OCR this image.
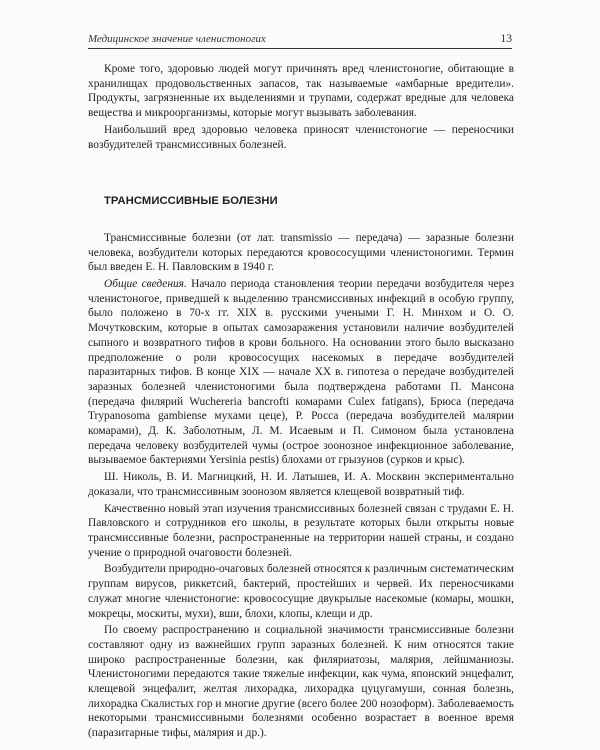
Медицинское значение членистоногих	13

Кроме того, здоровью людей могут причинять вред членистоногие, обитающие в хранилищах продовольственных запасов, так называемые «амбарные вредители». Продукты, загрязненные их выделениями и трупами, содержат вредные для человека вещества и микроорганизмы, которые могут вызывать заболевания.

Наибольший вред здоровью человека приносят членистоногие — переносчики возбудителей трансмиссивных болезней.

ТРАНСМИССИВНЫЕ БОЛЕЗНИ

Трансмиссивные болезни (от лат. transmissio — передача) — заразные болезни человека, возбудители которых передаются кровососущими членистоногими. Термин был введен Е. Н. Павловским в 1940 г.

Общие сведения. Начало периода становления теории передачи возбудителя через членистоногое, приведшей к выделению трансмиссивных инфекций в особую группу, было положено в 70-х гг. XIX в. русскими учеными Г. Н. Минхом и О. О. Мочутковским, которые в опытах самозаражения установили наличие возбудителей сыпного и возвратного тифов в крови больного. На основании этого было высказано предположение о роли кровососущих насекомых в передаче возбудителей паразитарных тифов. В конце XIX — начале XX в. гипотеза о передаче возбудителей заразных болезней членистоногими была подтверждена работами П. Мансона (передача филярий Wuchereria bancrofti комарами Culex fatigans), Брюса (передача Trypanosoma gambiense мухами цеце), Р. Росса (передача возбудителей малярии комарами), Д. К. Заболотным, Л. М. Исаевым и П. Симоном была установлена передача человеку возбудителей чумы (острое зоонозное инфекционное заболевание, вызываемое бактериями Yersinia pestis) блохами от грызунов (сурков и крыс).

Ш. Николь, В. И. Магницкий, Н. И. Латышев, И. А. Москвин экспериментально доказали, что трансмиссивным зоонозом является клещевой возвратный тиф.

Качественно новый этап изучения трансмиссивных болезней связан с трудами Е. Н. Павловского и сотрудников его школы, в результате которых были открыты новые трансмиссивные болезни, распространенные на территории нашей страны, и создано учение о природной очаговости болезней.

Возбудители природно-очаговых болезней относятся к различным систематическим группам вирусов, риккетсий, бактерий, простейших и червей. Их переносчиками служат многие членистоногие: кровососущие двукрылые насекомые (комары, мошки, мокрецы, москиты, мухи), вши, блохи, клопы, клещи и др.

По своему распространению и социальной значимости трансмиссивные болезни составляют одну из важнейших групп заразных болезней. К ним относятся такие широко распространенные болезни, как филяриатозы, малярия, лейшманиозы. Членистоногими передаются такие тяжелые инфекции, как чума, японский энцефалит, клещевой энцефалит, желтая лихорадка, лихорадка цуцугамуши, сонная болезнь, лихорадка Скалистых гор и многие другие (всего более 200 нозоформ). Заболеваемость некоторыми трансмиссивными болезнями особенно возрастает в военное время (паразитарные тифы, малярия и др.).
